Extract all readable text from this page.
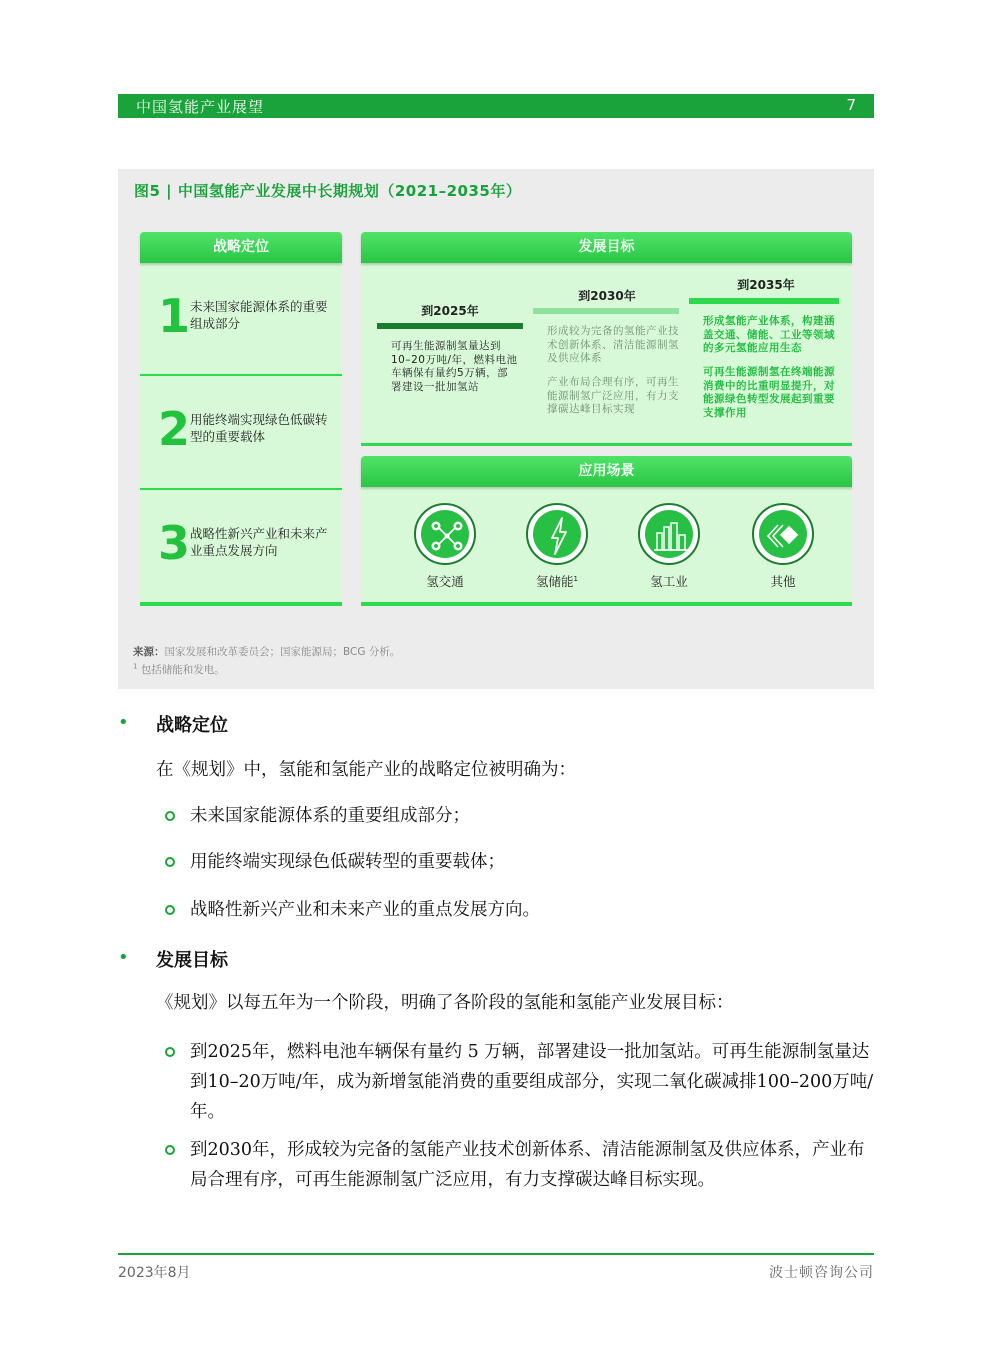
中国氢能产业展望	7
图5 | 中国氢能产业发展中长期规划（2021–2035年）
战略定位
1 未来国家能源体系的重要组成部分
2 用能终端实现绿色低碳转型的重要载体
3 战略性新兴产业和未来产业重点发展方向
发展目标
到2025年
可再生能源制氢量达到10–20万吨/年，燃料电池车辆保有量约5万辆，部署建设一批加氢站
到2030年
形成较为完备的氢能产业技术创新体系、清洁能源制氢及供应体系
产业布局合理有序，可再生能源制氢广泛应用，有力支撑碳达峰目标实现
到2035年
形成氢能产业体系，构建涵盖交通、储能、工业等领域的多元氢能应用生态
可再生能源制氢在终端能源消费中的比重明显提升，对能源绿色转型发展起到重要支撑作用
应用场景
氢交通	氢储能$^1$	氢工业	其他
来源：国家发展和改革委员会；国家能源局；BCG 分析。
$^1$ 包括储能和发电。
• 战略定位
在《规划》中，氢能和氢能产业的战略定位被明确为：
未来国家能源体系的重要组成部分；
用能终端实现绿色低碳转型的重要载体；
战略性新兴产业和未来产业的重点发展方向。
• 发展目标
《规划》以每五年为一个阶段，明确了各阶段的氢能和氢能产业发展目标：
到2025年，燃料电池车辆保有量约 5 万辆，部署建设一批加氢站。可再生能源制氢量达到10–20万吨/年，成为新增氢能消费的重要组成部分，实现二氧化碳减排100–200万吨/年。
到2030年，形成较为完备的氢能产业技术创新体系、清洁能源制氢及供应体系，产业布局合理有序，可再生能源制氢广泛应用，有力支撑碳达峰目标实现。
2023年8月	波士顿咨询公司
